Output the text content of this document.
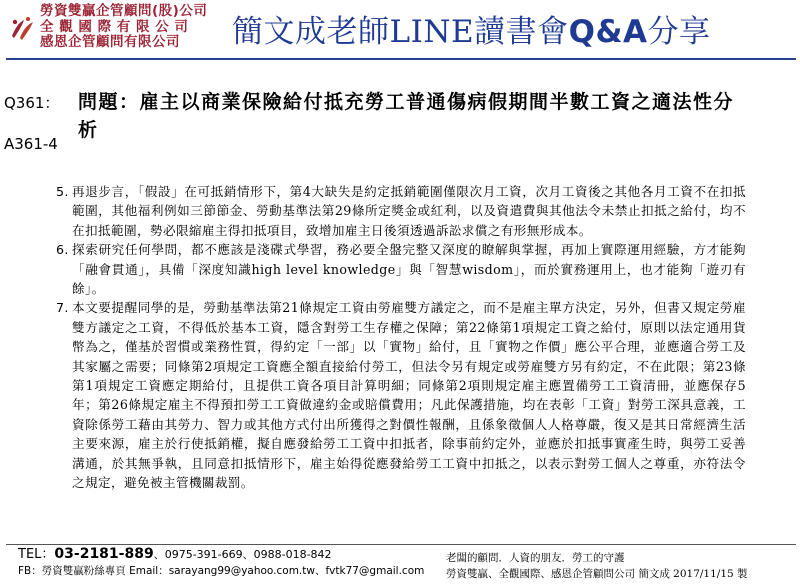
勞資雙贏企管顧問(股)公司
全 觀 國 際 有 限 公 司
感恩企管顧問有限公司	簡文成老師LINE讀書會Q&A分享
Q361： 問題：雇主以商業保險給付抵充勞工普通傷病假期間半數工資之適法性分析
A361-4
5. 再退步言，「假設」在可抵銷情形下，第4大缺失是約定抵銷範圍僅限次月工資，次月工資後之其他各月工資不在扣抵範圍，其他福利例如三節節金、勞動基準法第29條所定獎金或紅利，以及資遣費與其他法令未禁止扣抵之給付，均不在扣抵範圍，勢必限縮雇主得扣抵項目，致增加雇主日後須透過訴訟求償之有形無形成本。
6. 探索研究任何學問，都不應該是淺碟式學習，務必要全盤完整又深度的瞭解與掌握，再加上實際運用經驗，方才能夠「融會貫通」，具備「深度知識high level knowledge」與「智慧wisdom」，而於實務運用上，也才能夠「遊刃有餘」。
7. 本文要提醒同學的是，勞動基準法第21條規定工資由勞雇雙方議定之，而不是雇主單方決定，另外，但書又規定勞雇雙方議定之工資，不得低於基本工資，隱含對勞工生存權之保障；第22條第1項規定工資之給付，原則以法定通用貨幣為之，僅基於習慣或業務性質，得約定「一部」以「實物」給付，且「實物之作價」應公平合理，並應適合勞工及其家屬之需要；同條第2項規定工資應全額直接給付勞工，但法令另有規定或勞雇雙方另有約定，不在此限；第23條第1項規定工資應定期給付，且提供工資各項目計算明細；同條第2項則規定雇主應置備勞工工資清冊，並應保存5年；第26條規定雇主不得預扣勞工工資做違約金或賠償費用；凡此保護措施，均在表彰「工資」對勞工深具意義，工資除係勞工藉由其勞力、智力或其他方式付出所獲得之對價性報酬，且係象徵個人人格尊嚴，復又是其日常經濟生活主要來源，雇主於行使抵銷權，擬自應發給勞工工資中扣抵者，除事前約定外，並應於扣抵事實產生時，與勞工妥善溝通，於其無爭執，且同意扣抵情形下，雇主始得從應發給勞工工資中扣抵之，以表示對勞工個人之尊重，亦符法令之規定，避免被主管機關裁罰。
TEL：03-2181-889、0975-391-669、0988-018-842
FB：勞資雙贏粉絲專頁 Email：sarayang99@yahoo.com.tw、fvtk77@gmail.com
老闆的顧問．人資的朋友．勞工的守護
勞資雙贏、全觀國際、感恩企管顧問公司 簡文成 2017/11/15 製
